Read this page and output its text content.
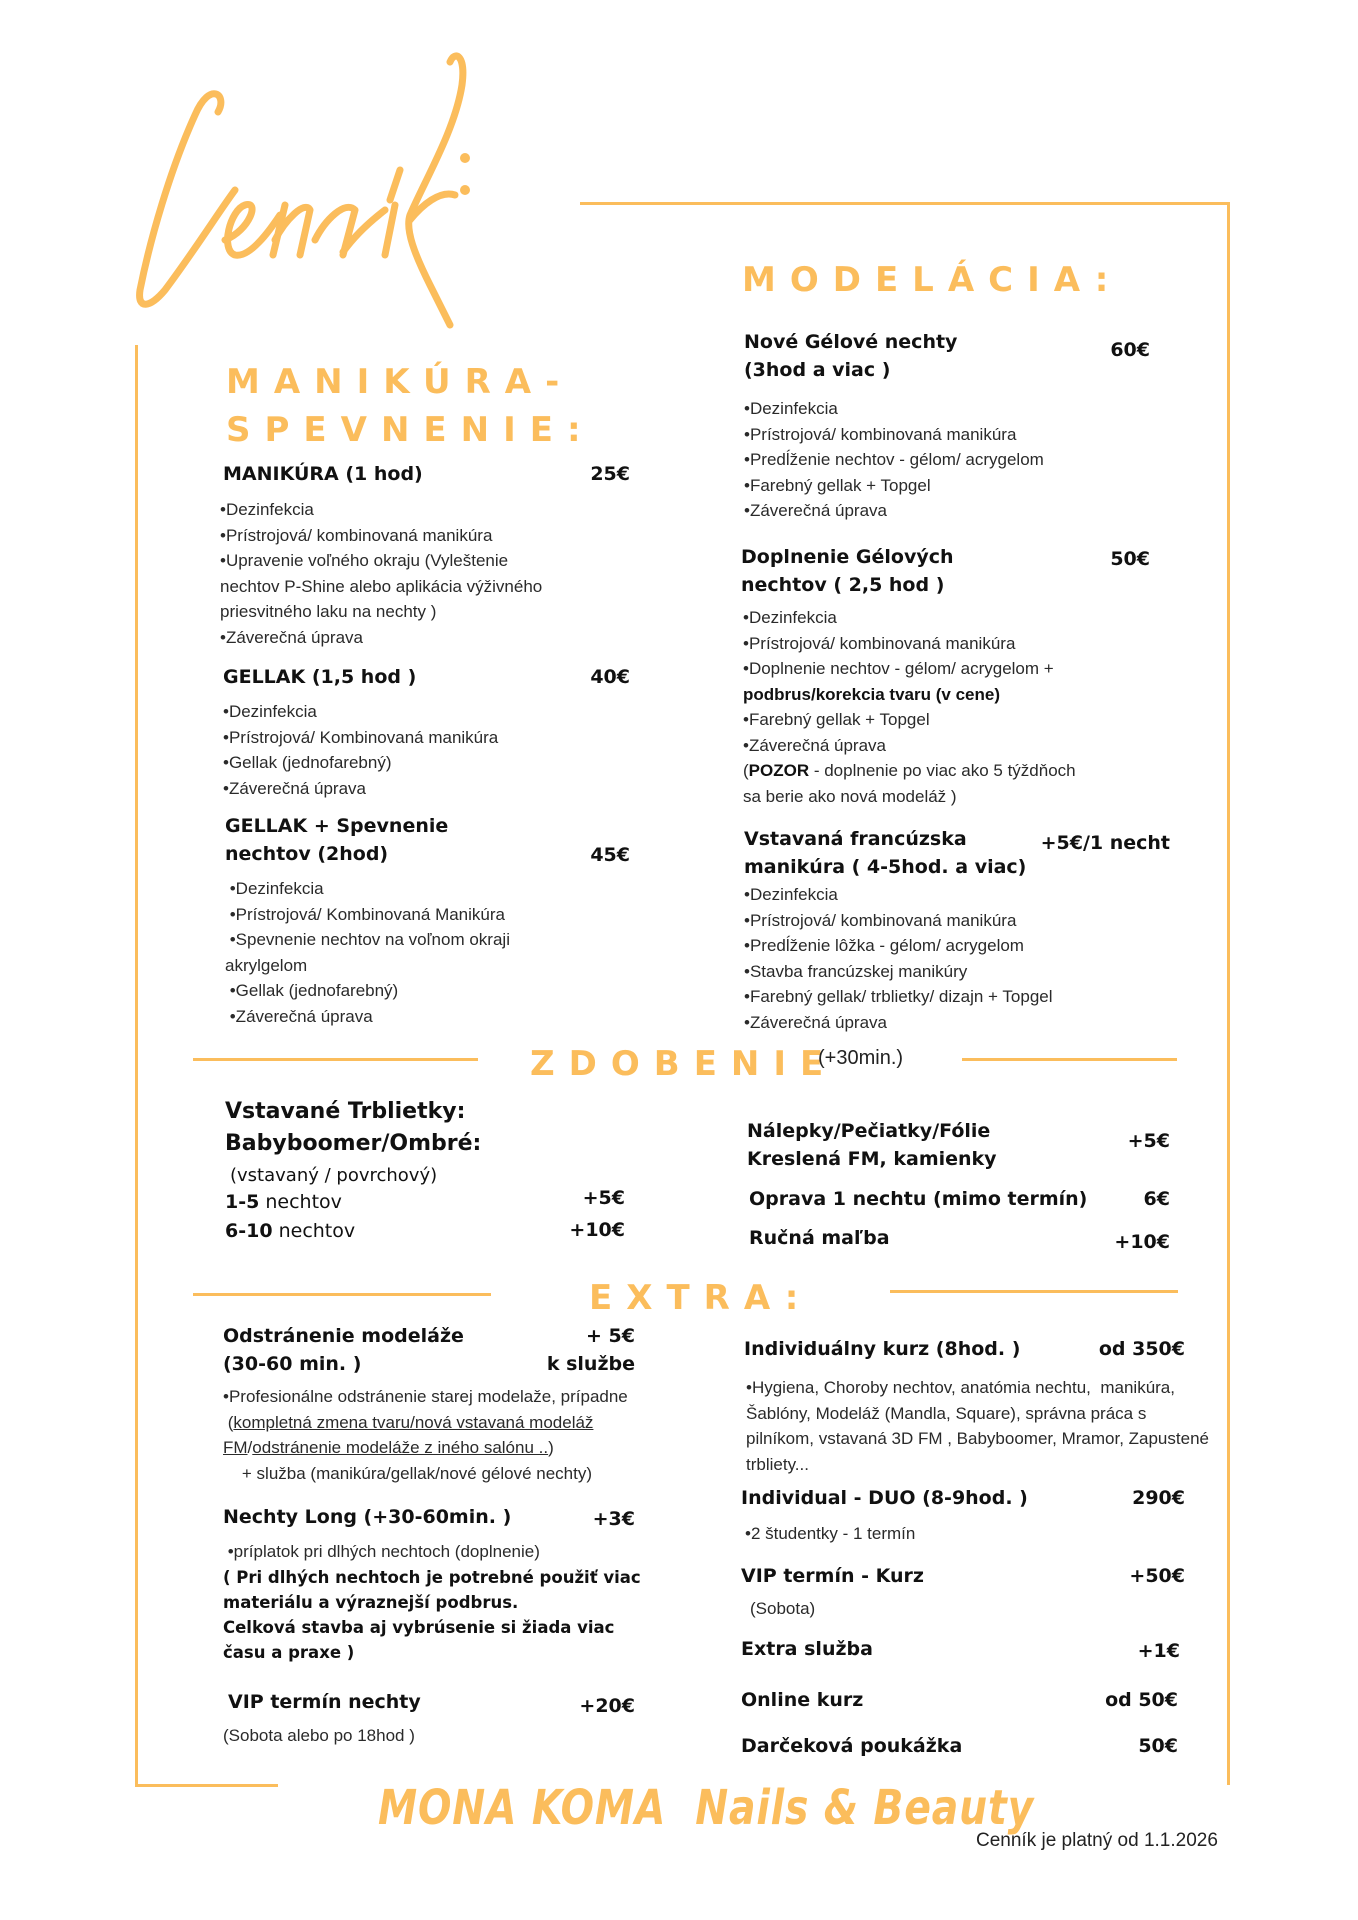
MANIKÚRA-
SPEVNENIE:
MANIKÚRA (1 hod)	25€
•Dezinfekcia
•Prístrojová/ kombinovaná manikúra
•Upravenie voľného okraju (Vyleštenie
nechtov P-Shine alebo aplikácia výživného
priesvitného laku na nechty )
•Záverečná úprava
GELLAK (1,5 hod )	40€
•Dezinfekcia
•Prístrojová/ Kombinovaná manikúra
•Gellak (jednofarebný)
•Záverečná úprava
GELLAK + Spevnenie
nechtov (2hod)	45€
•Dezinfekcia
•Prístrojová/ Kombinovaná Manikúra
•Spevnenie nechtov na voľnom okraji
akrylgelom
•Gellak (jednofarebný)
•Záverečná úprava
MODELÁCIA:
Nové Gélové nechty
(3hod a viac )
60€
•Dezinfekcia
•Prístrojová/ kombinovaná manikúra
•Predĺženie nechtov - gélom/ acrygelom
•Farebný gellak + Topgel
•Záverečná úprava
Doplnenie Gélových
nechtov ( 2,5 hod )
50€
•Dezinfekcia
•Prístrojová/ kombinovaná manikúra
•Doplnenie nechtov - gélom/ acrygelom +
podbrus/korekcia tvaru (v cene)
•Farebný gellak + Topgel
•Záverečná úprava
(POZOR - doplnenie po viac ako 5 týždňoch
sa berie ako nová modeláž )
Vstavaná francúzska
manikúra ( 4-5hod. a viac)
+5€/1 necht
•Dezinfekcia
•Prístrojová/ kombinovaná manikúra
•Predĺženie lôžka - gélom/ acrygelom
•Stavba francúzskej manikúry
•Farebný gellak/ trblietky/ dizajn + Topgel
•Záverečná úprava
ZDOBENIE
(+30min.)
Vstavané Trblietky:
Babyboomer/Ombré:
(vstavaný / povrchový)
1-5 nechtov	+5€
6-10 nechtov	+10€
Nálepky/Pečiatky/Fólie
Kreslená FM, kamienky
+5€
Oprava 1 nechtu (mimo termín)	6€
Ručná maľba	+10€
EXTRA:
Odstránenie modeláže
(30-60 min. )
+ 5€
k službe
•Profesionálne odstránenie starej modelaže, prípadne
(kompletná zmena tvaru/nová vstavaná modeláž
FM/odstránenie modeláže z iného salónu ..)
+ služba (manikúra/gellak/nové gélové nechty)
Nechty Long (+30-60min. )	+3€
•príplatok pri dlhých nechtoch (doplnenie)
( Pri dlhých nechtoch je potrebné použiť viac materiálu a výraznejší podbrus.
Celková stavba aj vybrúsenie si žiada viac času a praxe )
VIP termín nechty	+20€
(Sobota alebo po 18hod )
Individuálny kurz (8hod. )	od 350€
•Hygiena, Choroby nechtov, anatómia nechtu,  manikúra, Šablóny, Modeláž (Mandla, Square), správna práca s pilníkom, vstavaná 3D FM , Babyboomer, Mramor, Zapustené trbliety...
Individual - DUO (8-9hod. )	290€
•2 študentky - 1 termín
VIP termín - Kurz	+50€
(Sobota)
Extra služba	+1€
Online kurz	od 50€
Darčeková poukážka	50€
MONA KOMA  Nails & Beauty
Cenník je platný od 1.1.2026
